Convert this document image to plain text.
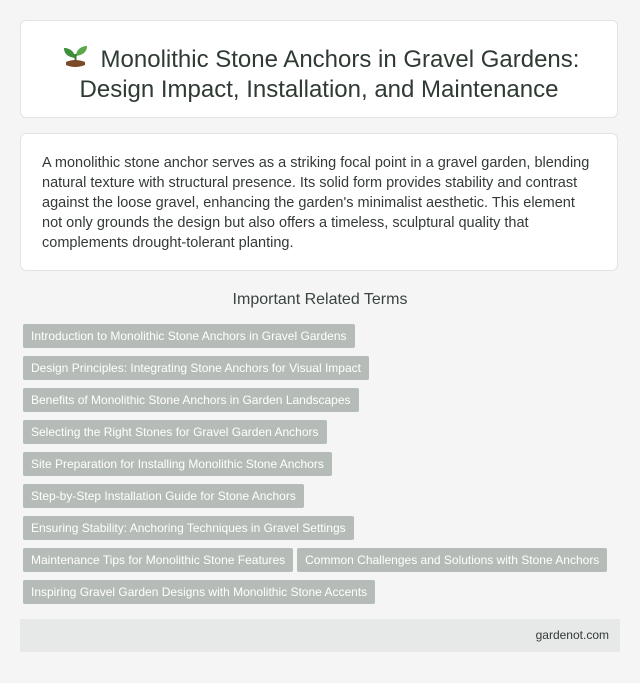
Monolithic Stone Anchors in Gravel Gardens: Design Impact, Installation, and Maintenance

A monolithic stone anchor serves as a striking focal point in a gravel garden, blending natural texture with structural presence. Its solid form provides stability and contrast against the loose gravel, enhancing the garden's minimalist aesthetic. This element not only grounds the design but also offers a timeless, sculptural quality that complements drought-tolerant planting.

Important Related Terms
Introduction to Monolithic Stone Anchors in Gravel Gardens
Design Principles: Integrating Stone Anchors for Visual Impact
Benefits of Monolithic Stone Anchors in Garden Landscapes
Selecting the Right Stones for Gravel Garden Anchors
Site Preparation for Installing Monolithic Stone Anchors
Step-by-Step Installation Guide for Stone Anchors
Ensuring Stability: Anchoring Techniques in Gravel Settings
Maintenance Tips for Monolithic Stone Features Common Challenges and Solutions with Stone Anchors
Inspiring Gravel Garden Designs with Monolithic Stone Accents
gardenot.com
